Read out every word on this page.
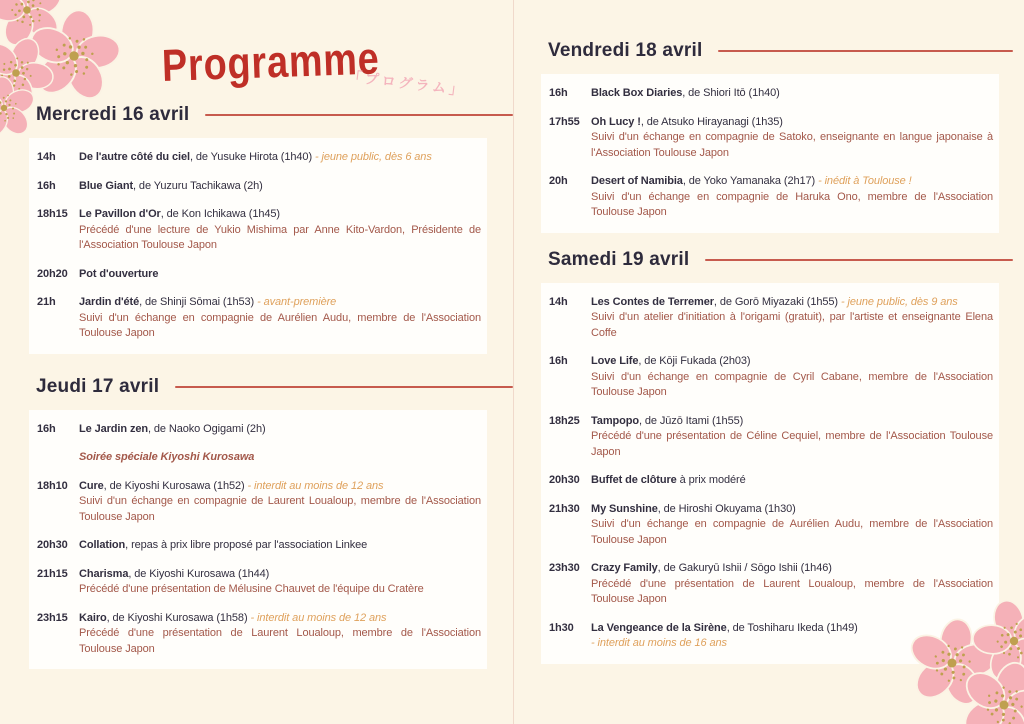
Programme
「プログラム」
Mercredi 16 avril
14h	De l'autre côté du ciel, de Yusuke Hirota (1h40) - jeune public, dès 6 ans

16h	Blue Giant, de Yuzuru Tachikawa (2h)

18h15	Le Pavillon d'Or, de Kon Ichikawa (1h45)

Précédé d'une lecture de Yukio Mishima par Anne Kito-Vardon, Présidente de l'Association Toulouse Japon

20h20	Pot d'ouverture

21h	Jardin d'été, de Shinji Sōmai (1h53) - avant-première

Suivi d'un échange en compagnie de Aurélien Audu, membre de l'Association Toulouse Japon

Jeudi 17 avril
16h	Le Jardin zen, de Naoko Ogigami (2h)

Soirée spéciale Kiyoshi Kurosawa

18h10	Cure, de Kiyoshi Kurosawa (1h52) - interdit au moins de 12 ans

Suivi d'un échange en compagnie de Laurent Loualoup, membre de l'Association Toulouse Japon

20h30	Collation, repas à prix libre proposé par l'association Linkee

21h15	Charisma, de Kiyoshi Kurosawa (1h44)

Précédé d'une présentation de Mélusine Chauvet de l'équipe du Cratère

23h15	Kairo, de Kiyoshi Kurosawa (1h58) - interdit au moins de 12 ans

Précédé d'une présentation de Laurent Loualoup, membre de l'Association Toulouse Japon

Vendredi 18 avril
16h	Black Box Diaries, de Shiori Itō (1h40)

17h55	Oh Lucy !, de Atsuko Hirayanagi (1h35)

Suivi d'un échange en compagnie de Satoko, enseignante en langue japonaise à l'Association Toulouse Japon

20h	Desert of Namibia, de Yoko Yamanaka (2h17) - inédit à Toulouse !

Suivi d'un échange en compagnie de Haruka Ono, membre de l'Association Toulouse Japon

Samedi 19 avril
14h	Les Contes de Terremer, de Gorō Miyazaki (1h55) - jeune public, dès 9 ans

Suivi d'un atelier d'initiation à l'origami (gratuit), par l'artiste et enseignante Elena Coffe

16h	Love Life, de Kōji Fukada (2h03)

Suivi d'un échange en compagnie de Cyril Cabane, membre de l'Association Toulouse Japon

18h25	Tampopo, de Jūzō Itami (1h55)

Précédé d'une présentation de Céline Cequiel, membre de l'Association Toulouse Japon

20h30	Buffet de clôture à prix modéré

21h30	My Sunshine, de Hiroshi Okuyama (1h30)

Suivi d'un échange en compagnie de Aurélien Audu, membre de l'Association Toulouse Japon

23h30	Crazy Family, de Gakuryū Ishii / Sōgo Ishii (1h46)

Précédé d'une présentation de Laurent Loualoup, membre de l'Association Toulouse Japon

1h30	La Vengeance de la Sirène, de Toshiharu Ikeda (1h49)

- interdit au moins de 16 ans
